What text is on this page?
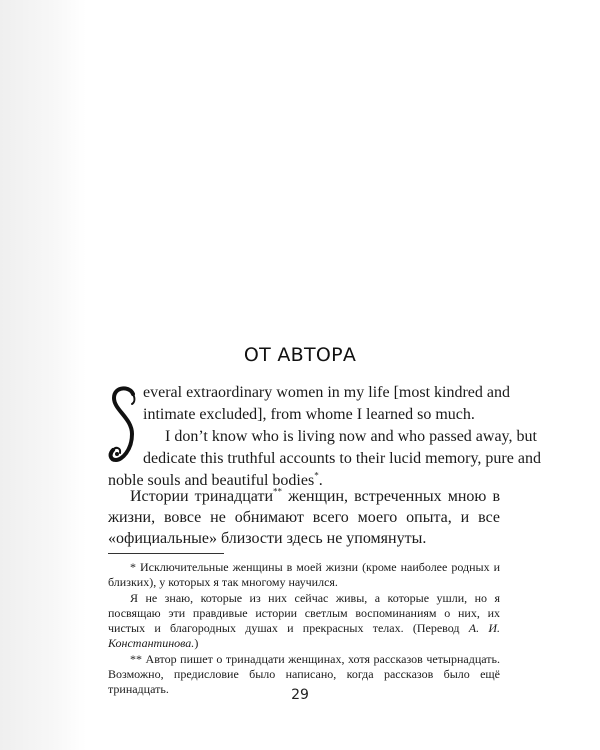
ОТ АВТОРА
everal extraordinary women in my life [most kindred and
intimate excluded], from whome I learned so much.
I don’t know who is living now and who passed away, but
dedicate this truthful accounts to their lucid memory, pure and
noble souls and beautiful bodies*.
Истории тринадцати** женщин, встреченных мною в жизни, вовсе не обнимают всего моего опыта, и все «официальные» близости здесь не упомянуты.

* Исключительные женщины в моей жизни (кроме наиболее родных и близких), у которых я так многому научился.

Я не знаю, которые из них сейчас живы, а которые ушли, но я посвящаю эти правдивые истории светлым воспоминаниям о них, их чистых и благородных душах и прекрасных телах. (Перевод А. И. Константинова.)

** Автор пишет о тринадцати женщинах, хотя рассказов четырнадцать. Возможно, предисловие было написано, когда рассказов было ещё тринадцать.	29
